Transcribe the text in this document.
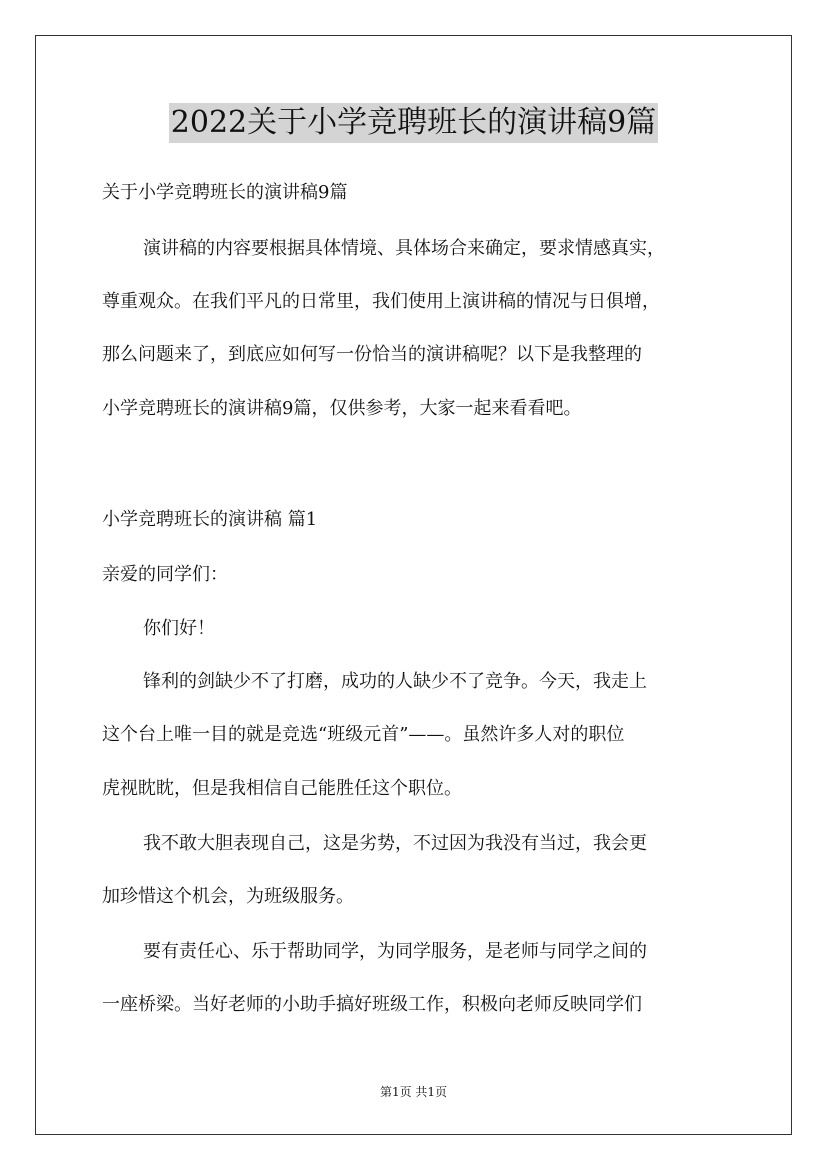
2022关于小学竞聘班长的演讲稿9篇

关于小学竞聘班长的演讲稿9篇

演讲稿的内容要根据具体情境、具体场合来确定，要求情感真实，

尊重观众。在我们平凡的日常里，我们使用上演讲稿的情况与日俱增，

那么问题来了，到底应如何写一份恰当的演讲稿呢？以下是我整理的

小学竞聘班长的演讲稿9篇，仅供参考，大家一起来看看吧。

小学竞聘班长的演讲稿 篇1

亲爱的同学们：

你们好！

锋利的剑缺少不了打磨，成功的人缺少不了竞争。今天，我走上

这个台上唯一目的就是竞选“班级元首”——。虽然许多人对的职位

虎视眈眈，但是我相信自己能胜任这个职位。

我不敢大胆表现自己，这是劣势，不过因为我没有当过，我会更

加珍惜这个机会，为班级服务。

要有责任心、乐于帮助同学，为同学服务，是老师与同学之间的

一座桥梁。当好老师的小助手搞好班级工作，积极向老师反映同学们

第1页 共1页
